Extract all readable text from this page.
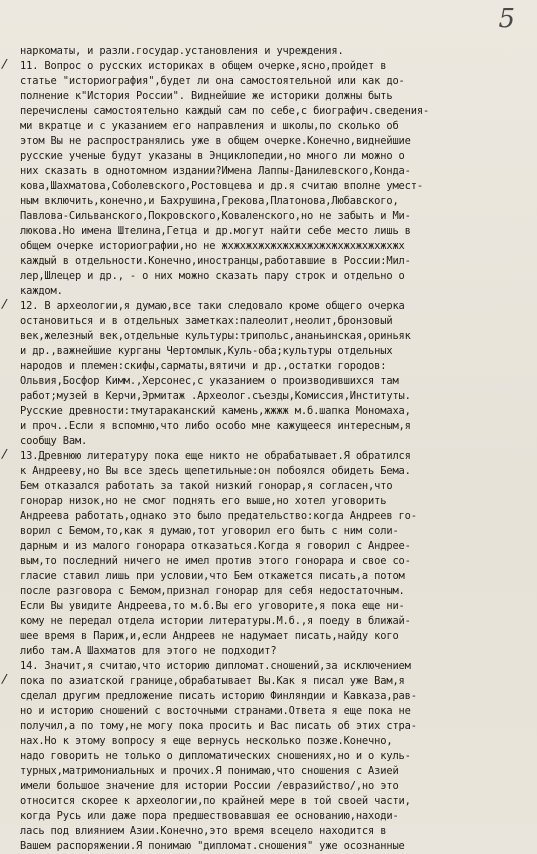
5
/
/
/
/
наркоматы, и разли.государ.установления и учреждения.
11. Вопрос о русских историках в общем очерке,ясно,пройдет в
статье "историография",будет ли она самостоятельной или как до-
полнение к"История России". Виднейшие же историки должны быть
перечислены самостоятельно каждый сам по себе,с биографич.сведения-
ми вкратце и с указанием его направления и школы,по сколько об
этом Вы не распространялись уже в общем очерке.Конечно,виднейшие
русские ученые будут указаны в Энциклопедии,но много ли можно о
них сказать в однотомном издании?Имена Лаппы-Данилевского,Конда-
кова,Шахматова,Соболевского,Ростовцева и др.я считаю вполне умест-
ным включить,конечно,и Бахрушина,Грекова,Платонова,Любавского,
Павлова-Сильванского,Покровского,Коваленского,но не забыть и Ми-
люкова.Но имена Штелина,Гетца и др.могут найти себе место лишь в
общем очерке историографии,но не жхжхжхжхжхжхжхжхжхжхжхжхжхжхжх
каждый в отдельности.Конечно,иностранцы,работавшие в России:Мил-
лер,Шлецер и др., - о них можно сказать пару строк и отдельно о
каждом.
12. В археологии,я думаю,все таки следовало кроме общего очерка
остановиться и в отдельных заметках:палеолит,неолит,бронзовый
век,железный век,отдельные культуры:трипольс,ананьинская,ориньяк
и др.,важнейшие курганы Чертомлык,Куль-оба;культуры отдельных
народов и племен:скифы,сарматы,вятичи и др.,остатки городов:
Ольвия,Босфор Кимм.,Херсонес,с указанием о производившихся там
работ;музей в Керчи,Эрмитаж .Археолог.съезды,Комиссия,Институты.
Русские древности:тмутараканский камень,жжжж м.б.шапка Мономаха,
и проч..Если я вспомню,что либо особо мне кажущееся интересным,я
сообщу Вам.
13.Древнюю литературу пока еще никто не обрабатывает.Я обратился
к Андрееву,но Вы все здесь щепетильные:он побоялся обидеть Бема.
Бем отказался работать за такой низкий гонорар,я согласен,что
гонорар низок,но не смог поднять его выше,но хотел уговорить
Андреева работать,однако это было предательство:когда Андреев го-
ворил с Бемом,то,как я думаю,тот уговорил его быть с ним соли-
дарным и из малого гонорара отказаться.Когда я говорил с Андрее-
вым,то последний ничего не имел против этого гонорара и свое со-
гласие ставил лишь при условии,что Бем откажется писать,а потом
после разговора с Бемом,признал гонорар для себя недостаточным.
Если Вы увидите Андреева,то м.б.Вы его уговорите,я пока еще ни-
кому не передал отдела истории литературы.М.б.,я поеду в ближай-
шее время в Париж,и,если Андреев не надумает писать,найду кого
либо там.А Шахматов для этого не подходит?
14. Значит,я считаю,что историю дипломат.сношений,за исключением
пока по азиатской границе,обрабатывает Вы.Как я писал уже Вам,я
сделал другим предложение писать историю Финляндии и Кавказа,рав-
но и историю сношений с восточными странами.Ответа я еще пока не
получил,а по тому,не могу пока просить и Вас писать об этих стра-
нах.Но к этому вопросу я еще вернусь несколько позже.Конечно,
надо говорить не только о дипломатических сношениях,но и о куль-
турных,матримониальных и прочих.Я понимаю,что сношения с Азией
имели большое значение для истории России /евразийство/,но это
относится скорее к археологии,по крайней мере в той своей части,
когда Русь или даже пора предшествовавшая ее основанию,находи-
лась под влиянием Азии.Конечно,это время всецело находится в
Вашем распоряжении.Я понимаю "дипломат.сношения" уже осознанные
